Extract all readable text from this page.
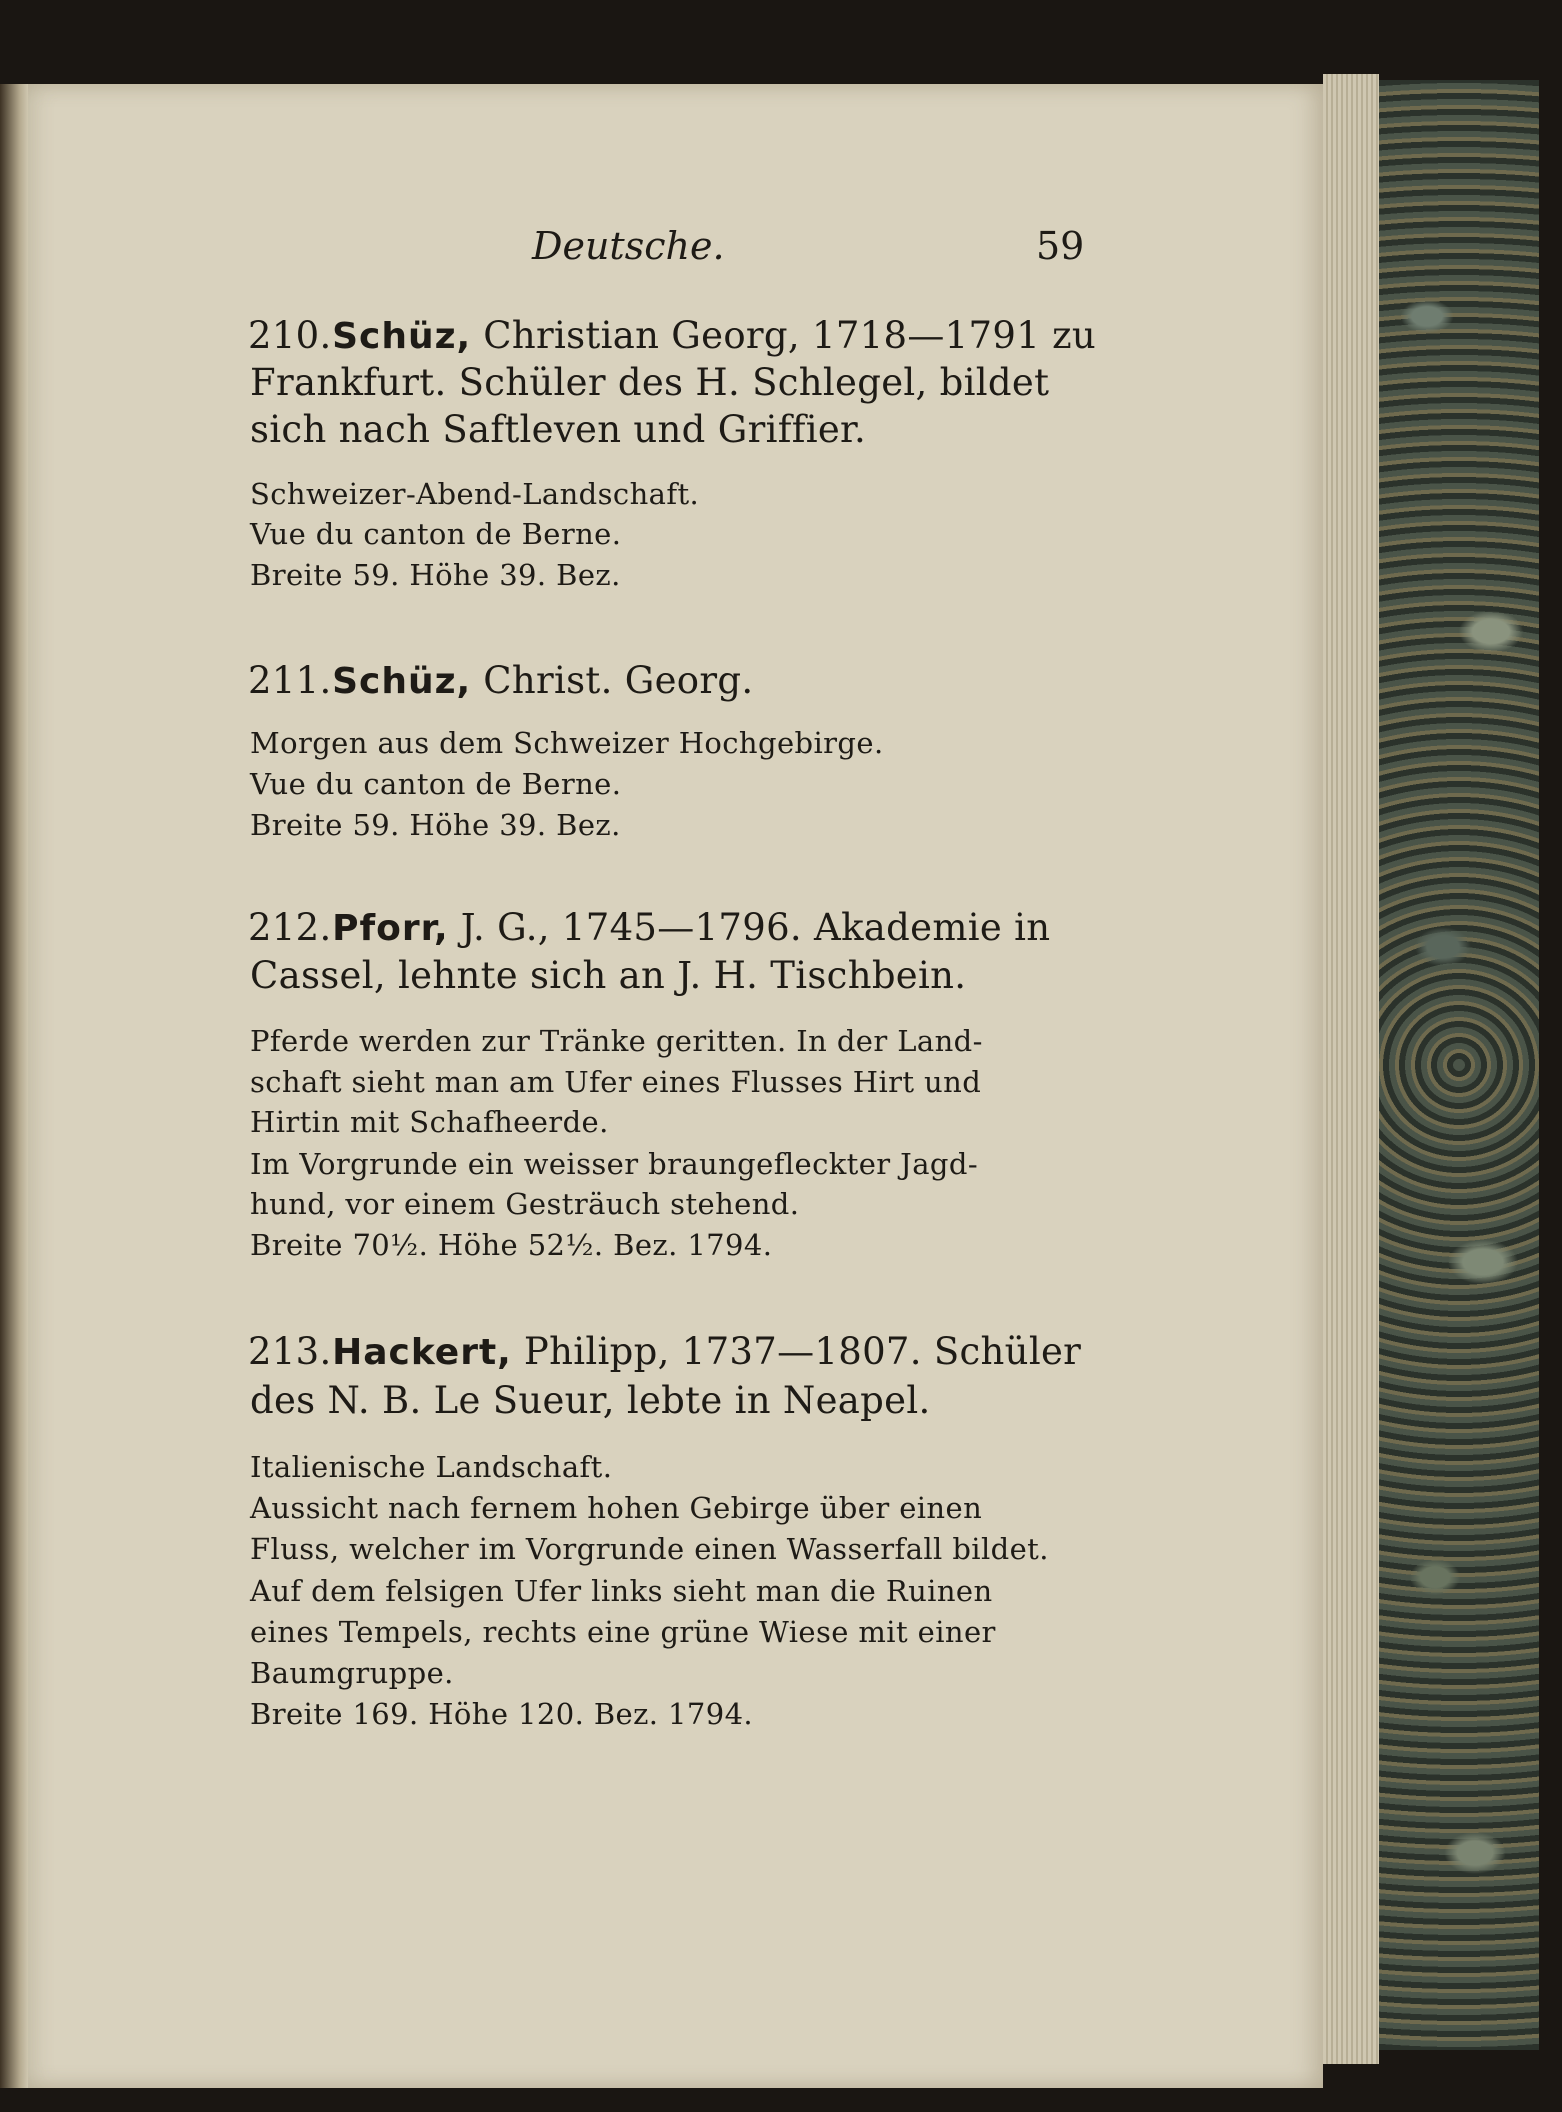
Deutsche.	59
210. Schüz, Christian Georg, 1718—1791 zu
Frankfurt. Schüler des H. Schlegel, bildet
sich nach Saftleven und Griffier.
Schweizer-Abend-Landschaft.
Vue du canton de Berne.
Breite 59. Höhe 39. Bez.
211. Schüz, Christ. Georg.
Morgen aus dem Schweizer Hochgebirge.
Vue du canton de Berne.
Breite 59. Höhe 39. Bez.
212. Pforr, J. G., 1745—1796. Akademie in
Cassel, lehnte sich an J. H. Tischbein.
Pferde werden zur Tränke geritten. In der Land-
schaft sieht man am Ufer eines Flusses Hirt und
Hirtin mit Schafheerde.
Im Vorgrunde ein weisser braungefleckter Jagd-
hund, vor einem Gesträuch stehend.
Breite 70½. Höhe 52½. Bez. 1794.
213. Hackert, Philipp, 1737—1807. Schüler
des N. B. Le Sueur, lebte in Neapel.
Italienische Landschaft.
Aussicht nach fernem hohen Gebirge über einen
Fluss, welcher im Vorgrunde einen Wasserfall bildet.
Auf dem felsigen Ufer links sieht man die Ruinen
eines Tempels, rechts eine grüne Wiese mit einer
Baumgruppe.
Breite 169. Höhe 120. Bez. 1794.
